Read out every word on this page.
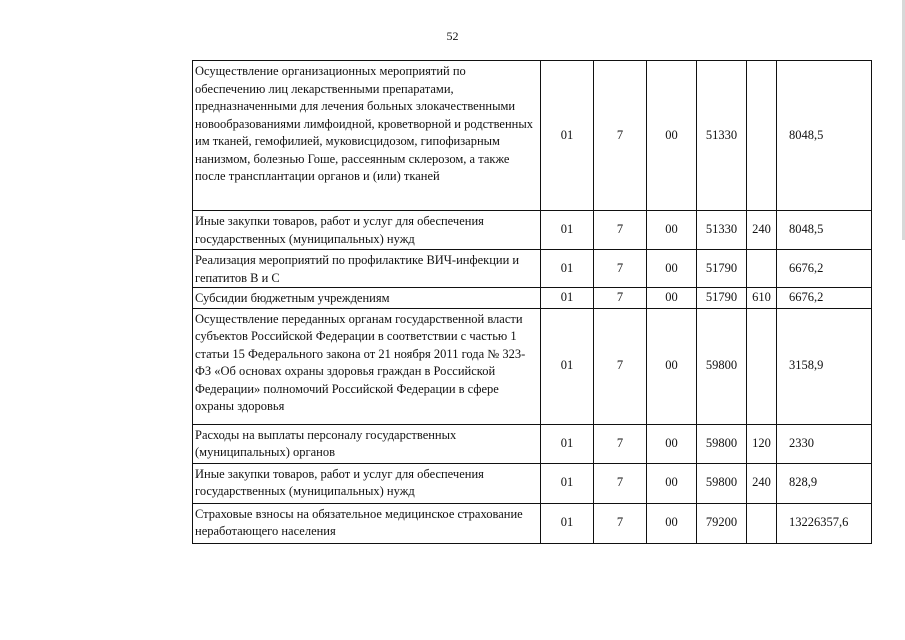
52
Осуществление организационных мероприятий по обеспечению лиц лекарственными препаратами, предназначенными для лечения больных злокачественными новообразованиями лимфоидной, кроветворной и родственных им тканей, гемофилией, муковисцидозом, гипофизарным нанизмом, болезнью Гоше, рассеянным склерозом, а также после трансплантации органов и (или) тканей	01	7	00	51330		8048,5
Иные закупки товаров, работ и услуг для обеспечения государственных (муниципальных) нужд	01	7	00	51330	240	8048,5
Реализация мероприятий по профилактике ВИЧ-инфекции и гепатитов В и С	01	7	00	51790		6676,2
Субсидии бюджетным учреждениям	01	7	00	51790	610	6676,2
Осуществление переданных органам государственной власти субъектов Российской Федерации в соответствии с частью 1 статьи 15 Федерального закона от 21 ноября 2011 года № 323-ФЗ «Об основах охраны здоровья граждан в Российской Федерации» полномочий Российской Федерации в сфере охраны здоровья	01	7	00	59800		3158,9
Расходы на выплаты персоналу государственных (муниципальных) органов	01	7	00	59800	120	2330
Иные закупки товаров, работ и услуг для обеспечения государственных (муниципальных) нужд	01	7	00	59800	240	828,9
Страховые взносы на обязательное медицинское страхование неработающего населения	01	7	00	79200		13226357,6
